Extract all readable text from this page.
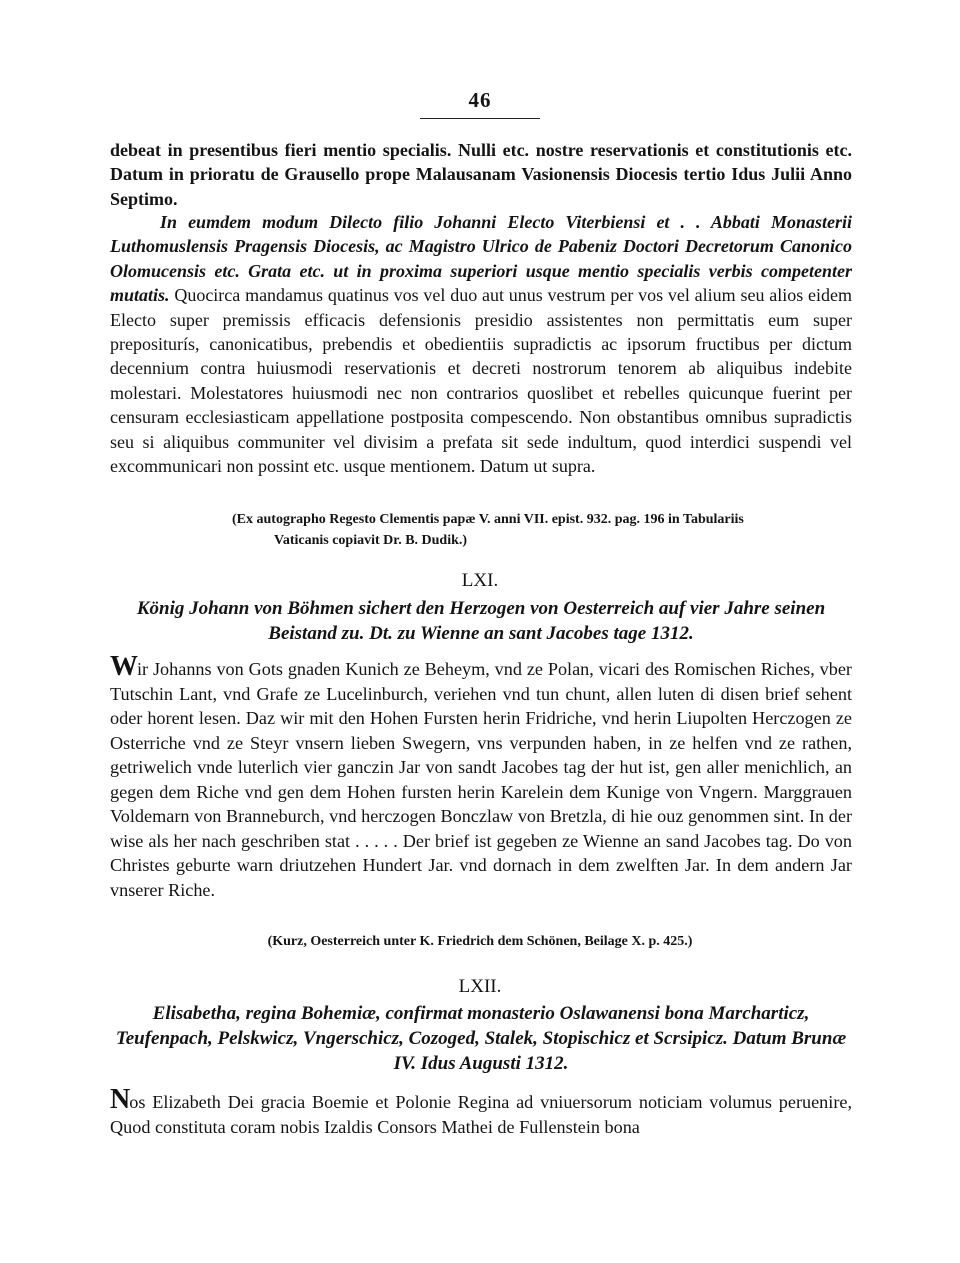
46
debeat in presentibus fieri mentio specialis. Nulli etc. nostre reservationis et constitutionis etc. Datum in prioratu de Grausello prope Malausanam Vasionensis Diocesis tertio Idus Julii Anno Septimo.
In eumdem modum Dilecto filio Johanni Electo Viterbiensi et . . Abbati Monasterii Luthomuslensis Pragensis Diocesis, ac Magistro Ulrico de Pabeniz Doctori Decretorum Canonico Olomucensis etc. Grata etc. ut in proxima superiori usque mentio specialis verbis competenter mutatis. Quocirca mandamus quatinus vos vel duo aut unus vestrum per vos vel alium seu alios eidem Electo super premissis efficacis defensionis presidio assistentes non permittatis eum super prepositurís, canonicatibus, prebendis et obedientiis supradictis ac ipsorum fructibus per dictum decennium contra huiusmodi reservationis et decreti nostrorum tenorem ab aliquibus indebite molestari. Molestatores huiusmodi nec non contrarios quoslibet et rebelles quicunque fuerint per censuram ecclesiasticam appellatione postposita compescendo. Non obstantibus omnibus supradictis seu si aliquibus communiter vel divisim a prefata sit sede indultum, quod interdici suspendi vel excommunicari non possint etc. usque mentionem. Datum ut supra.
(Ex autographo Regesto Clementis papæ V. anni VII. epist. 932. pag. 196 in Tabulariis
Vaticanis copiavit Dr. B. Dudik.)
LXI.
König Johann von Böhmen sichert den Herzogen von Oesterreich auf vier Jahre seinen Beistand zu. Dt. zu Wienne an sant Jacobes tage 1312.
Wir Johanns von Gots gnaden Kunich ze Beheym, vnd ze Polan, vicari des Romischen Riches, vber Tutschin Lant, vnd Grafe ze Lucelinburch, veriehen vnd tun chunt, allen luten di disen brief sehent oder horent lesen. Daz wir mit den Hohen Fursten herin Fridriche, vnd herin Liupolten Herczogen ze Osterriche vnd ze Steyr vnsern lieben Swegern, vns verpunden haben, in ze helfen vnd ze rathen, getriwelich vnde luterlich vier ganczin Jar von sandt Jacobes tag der hut ist, gen aller menichlich, an gegen dem Riche vnd gen dem Hohen fursten herin Karelein dem Kunige von Vngern. Marggrauen Voldemarn von Branneburch, vnd herczogen Bonczlaw von Bretzla, di hie ouz genommen sint. In der wise als her nach geschriben stat . . . . . Der brief ist gegeben ze Wienne an sand Jacobes tag. Do von Christes geburte warn driutzehen Hundert Jar. vnd dornach in dem zwelften Jar. In dem andern Jar vnserer Riche.
(Kurz, Oesterreich unter K. Friedrich dem Schönen, Beilage X. p. 425.)
LXII.
Elisabetha, regina Bohemiæ, confirmat monasterio Oslawanensi bona Marcharticz, Teufenpach, Pelskwicz, Vngerschicz, Cozoged, Stalek, Stopischicz et Scrsipicz. Datum Brunæ IV. Idus Augusti 1312.
Nos Elizabeth Dei gracia Boemie et Polonie Regina ad vniuersorum noticiam volumus peruenire, Quod constituta coram nobis Izaldis Consors Mathei de Fullenstein bona
